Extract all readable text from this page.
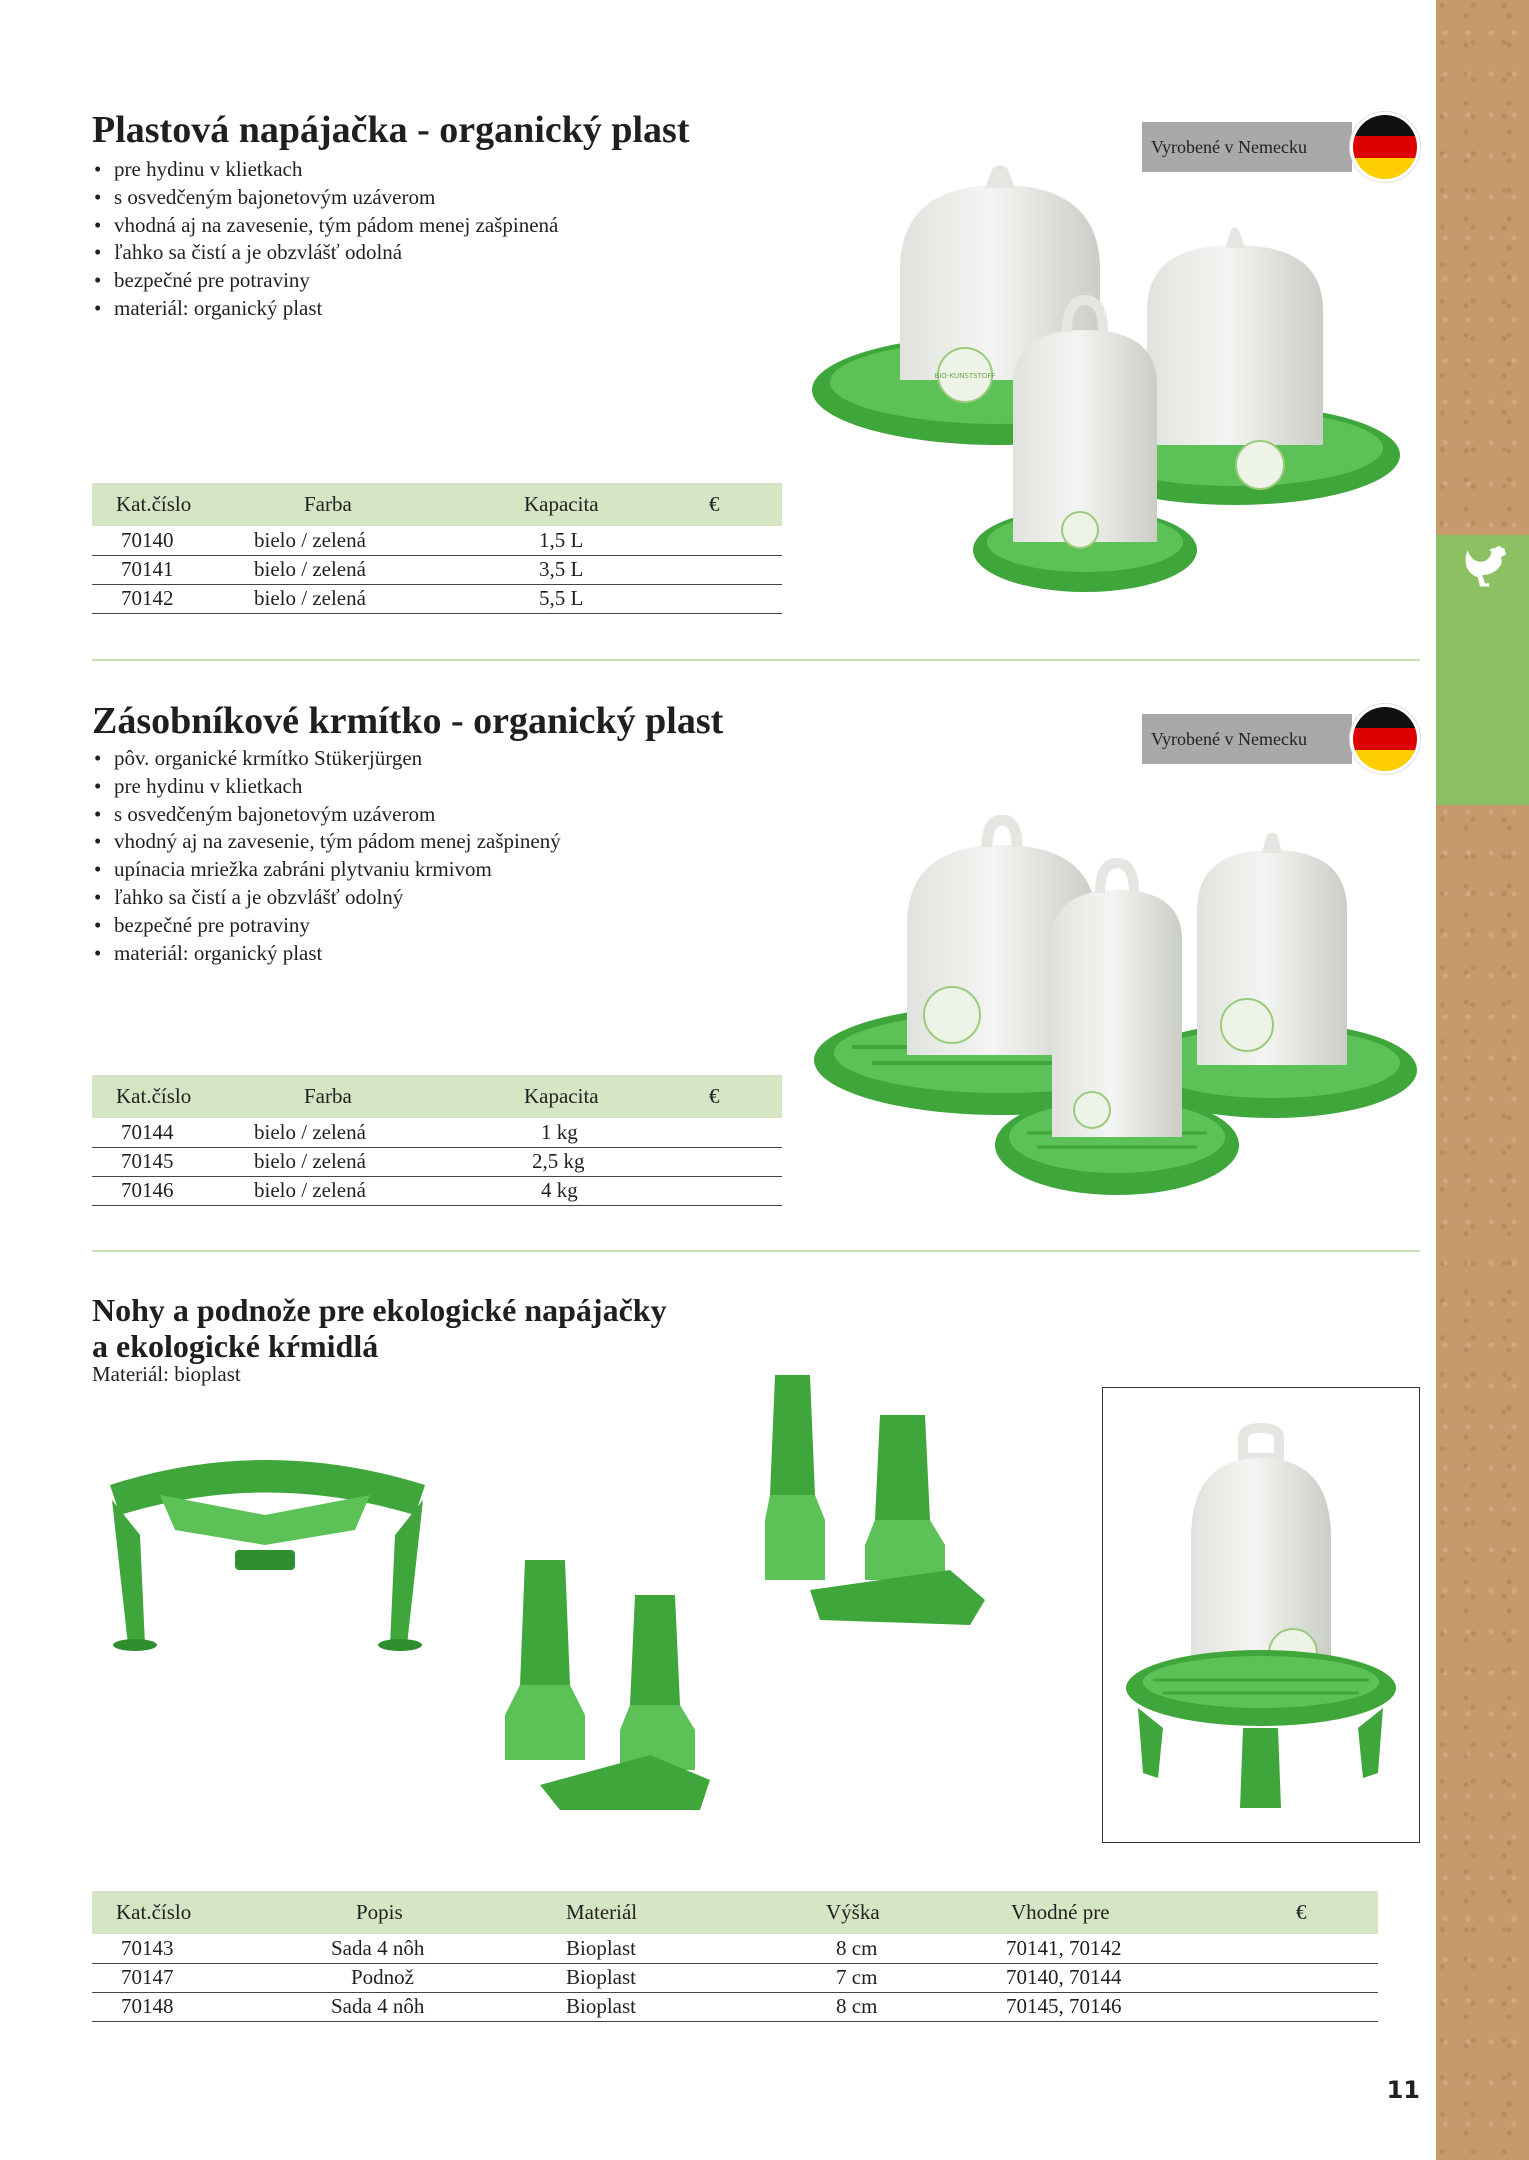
Plastová napájačka - organický plast
• pre hydinu v klietkach
• s osvedčeným bajonetovým uzáverom
• vhodná aj na zavesenie, tým pádom menej zašpinená
• ľahko sa čistí a je obzvlášť odolná
• bezpečné pre potraviny
• materiál: organický plast
Vyrobené v Nemecku
BIO-KUNSTSTOFF
	Kat.číslo	Farba	Kapacita	€
	70140	bielo / zelená	1,5 L	
	70141	bielo / zelená	3,5 L	
	70142	bielo / zelená	5,5 L	
Zásobníkové krmítko - organický plast
• pôv. organické krmítko Stükerjürgen
• pre hydinu v klietkach
• s osvedčeným bajonetovým uzáverom
• vhodný aj na zavesenie, tým pádom menej zašpinený
• upínacia mriežka zabráni plytvaniu krmivom
• ľahko sa čistí a je obzvlášť odolný
• bezpečné pre potraviny
• materiál: organický plast
Vyrobené v Nemecku
	Kat.číslo	Farba	Kapacita	€
	70144	bielo / zelená	1 kg	
	70145	bielo / zelená	2,5 kg	
	70146	bielo / zelená	4 kg	
Nohy a podnože pre ekologické napájačky
a ekologické kŕmidlá
Materiál: bioplast
	Kat.číslo	Popis	Materiál	Výška	Vhodné pre	€
	70143	Sada 4 nôh	Bioplast	8 cm	70141, 70142	
	70147	Podnož	Bioplast	7 cm	70140, 70144	
	70148	Sada 4 nôh	Bioplast	8 cm	70145, 70146	
11
